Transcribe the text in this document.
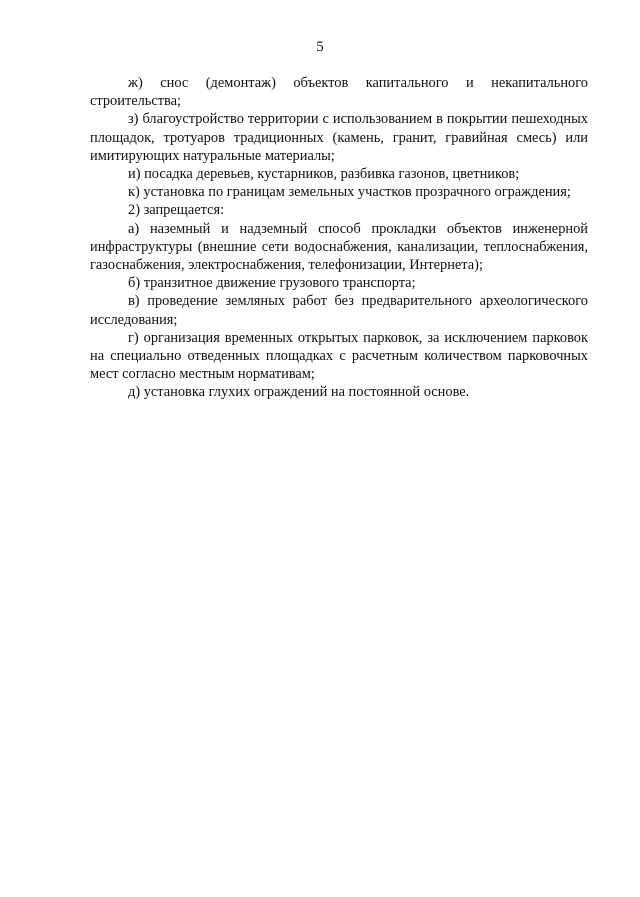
5

ж) снос (демонтаж) объектов капитального и некапитального строительства;

з) благоустройство территории с использованием в покрытии пешеходных площадок, тротуаров традиционных (камень, гранит, гравийная смесь) или имитирующих натуральные материалы;

и) посадка деревьев, кустарников, разбивка газонов, цветников;

к) установка по границам земельных участков прозрачного ограждения;

2) запрещается:

а) наземный и надземный способ прокладки объектов инженерной инфраструктуры (внешние сети водоснабжения, канализации, теплоснабжения, газоснабжения, электроснабжения, телефонизации, Интернета);

б) транзитное движение грузового транспорта;

в) проведение земляных работ без предварительного археологического исследования;

г) организация временных открытых парковок, за исключением парковок на специально отведенных площадках с расчетным количеством парковочных мест согласно местным нормативам;

д) установка глухих ограждений на постоянной основе.
